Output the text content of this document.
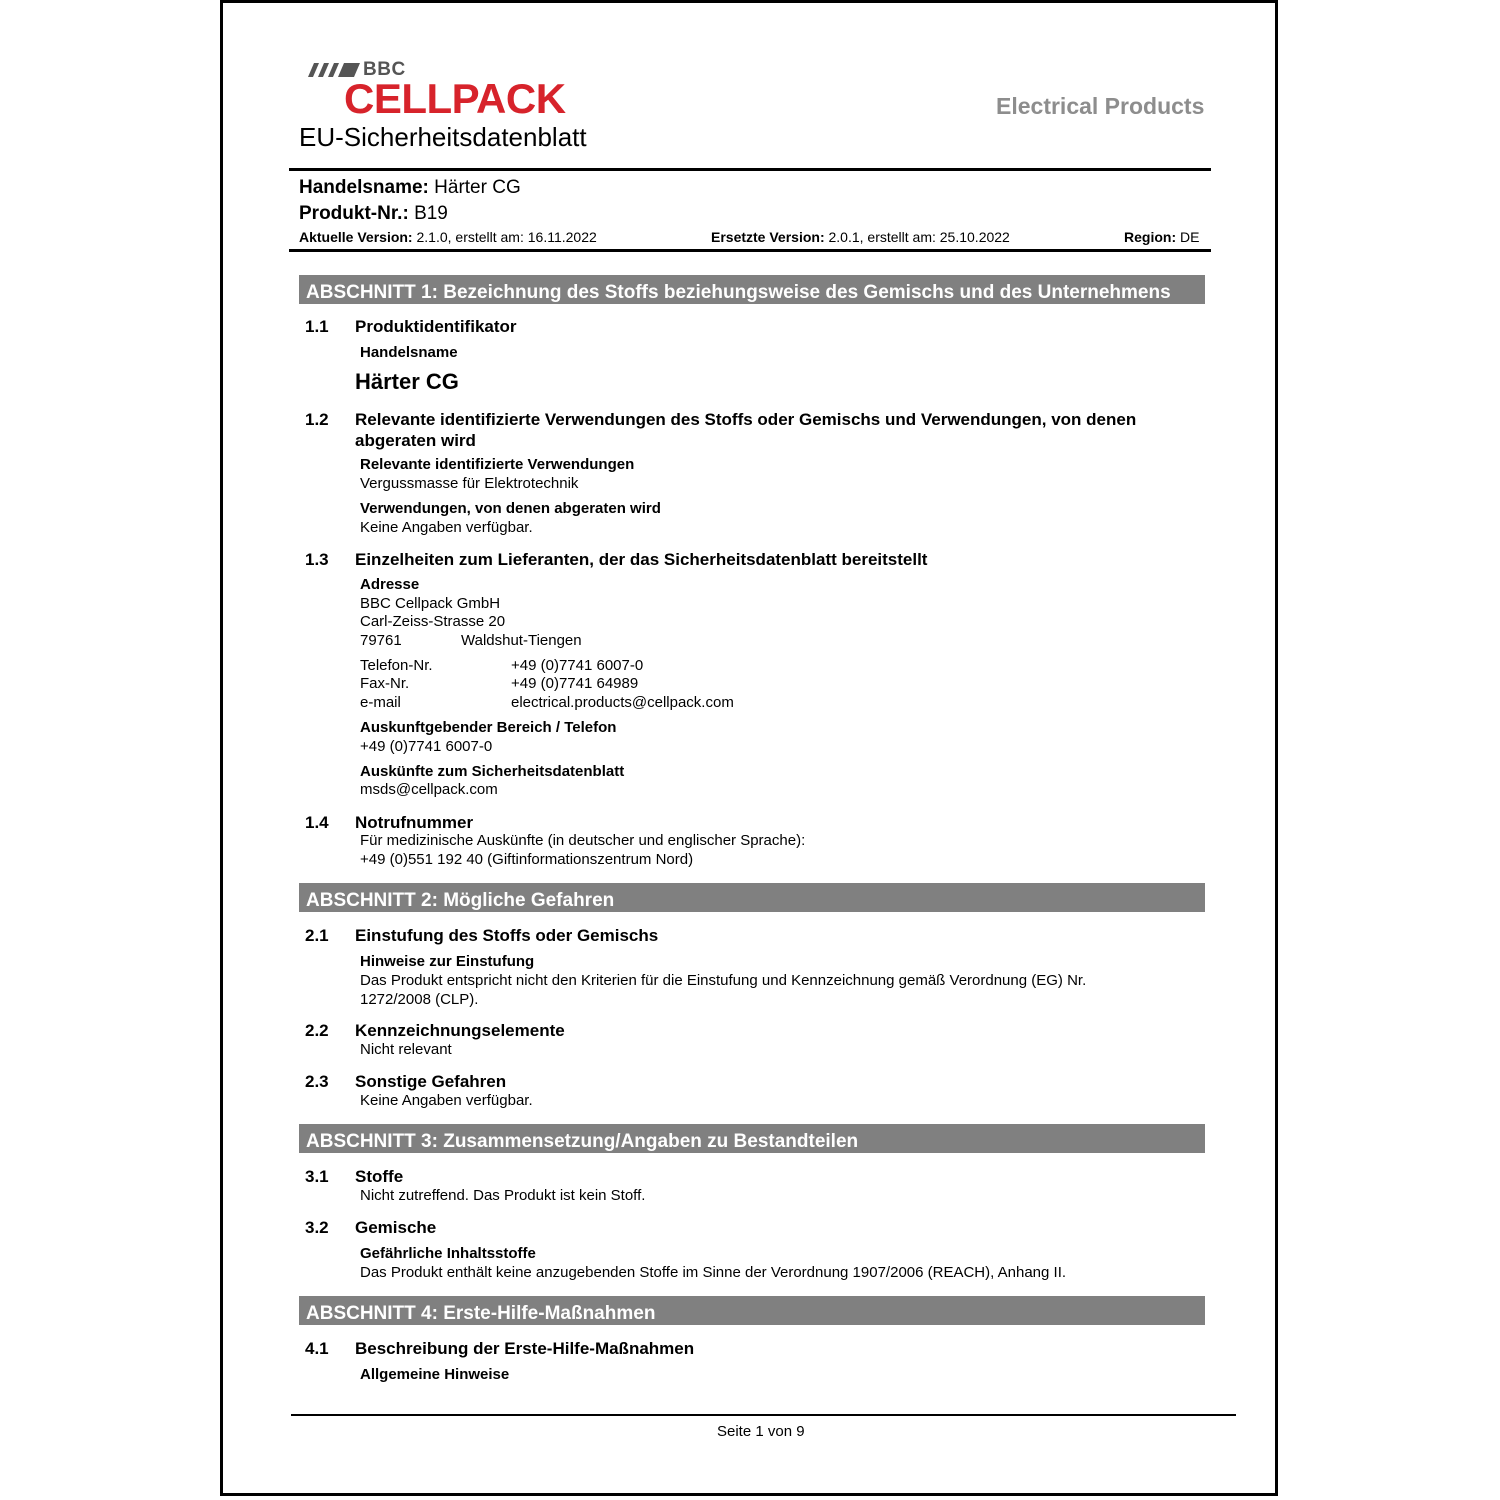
BBC
CELLPACK
EU-Sicherheitsdatenblatt
Electrical Products
Handelsname: Härter CG
Produkt-Nr.: B19
Aktuelle Version: 2.1.0, erstellt am: 16.11.2022	Ersetzte Version: 2.0.1, erstellt am: 25.10.2022	Region: DE
ABSCHNITT 1: Bezeichnung des Stoffs beziehungsweise des Gemischs und des Unternehmens
1.1 Produktidentifikator
Handelsname
Härter CG
1.2 Relevante identifizierte Verwendungen des Stoffs oder Gemischs und Verwendungen, von denen abgeraten wird
Relevante identifizierte Verwendungen
Vergussmasse für Elektrotechnik
Verwendungen, von denen abgeraten wird
Keine Angaben verfügbar.
1.3 Einzelheiten zum Lieferanten, der das Sicherheitsdatenblatt bereitstellt
Adresse
BBC Cellpack GmbH
Carl-Zeiss-Strasse 20
79761	Waldshut-Tiengen
Telefon-Nr.	+49 (0)7741 6007-0
Fax-Nr.	+49 (0)7741 64989
e-mail	electrical.products@cellpack.com
Auskunftgebender Bereich / Telefon
+49 (0)7741 6007-0
Auskünfte zum Sicherheitsdatenblatt
msds@cellpack.com
1.4 Notrufnummer
Für medizinische Auskünfte (in deutscher und englischer Sprache):
+49 (0)551 192 40 (Giftinformationszentrum Nord)
ABSCHNITT 2: Mögliche Gefahren
2.1 Einstufung des Stoffs oder Gemischs
Hinweise zur Einstufung
Das Produkt entspricht nicht den Kriterien für die Einstufung und Kennzeichnung gemäß Verordnung (EG) Nr. 1272/2008 (CLP).
2.2 Kennzeichnungselemente
Nicht relevant
2.3 Sonstige Gefahren
Keine Angaben verfügbar.
ABSCHNITT 3: Zusammensetzung/Angaben zu Bestandteilen
3.1 Stoffe
Nicht zutreffend. Das Produkt ist kein Stoff.
3.2 Gemische
Gefährliche Inhaltsstoffe
Das Produkt enthält keine anzugebenden Stoffe im Sinne der Verordnung 1907/2006 (REACH), Anhang II.
ABSCHNITT 4: Erste-Hilfe-Maßnahmen
4.1 Beschreibung der Erste-Hilfe-Maßnahmen
Allgemeine Hinweise
Seite 1 von 9
